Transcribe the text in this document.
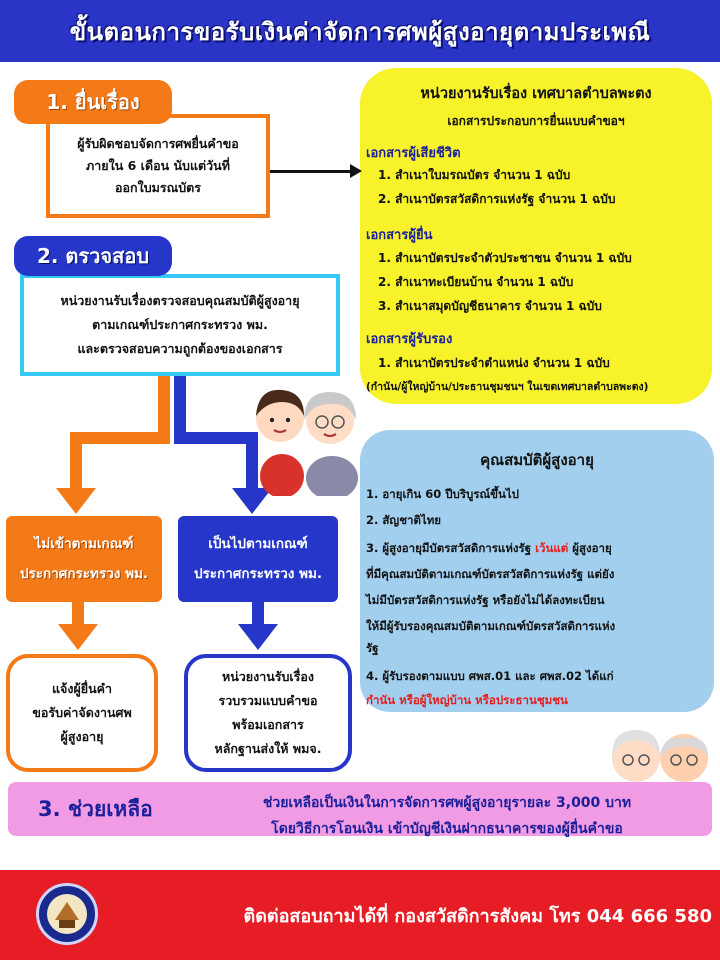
ขั้นตอนการขอรับเงินค่าจัดการศพผู้สูงอายุตามประเพณี
หน่วยงานรับเรื่อง เทศบาลตำบลพะตง
เอกสารประกอบการยื่นแบบคำขอฯ
เอกสารผู้เสียชีวิต
1. สำเนาใบมรณบัตร จำนวน 1 ฉบับ
2. สำเนาบัตรสวัสดิการแห่งรัฐ จำนวน 1 ฉบับ
เอกสารผู้ยื่น
1. สำเนาบัตรประจำตัวประชาชน จำนวน 1 ฉบับ
2. สำเนาทะเบียนบ้าน จำนวน 1 ฉบับ
3. สำเนาสมุดบัญชีธนาคาร จำนวน 1 ฉบับ
เอกสารผู้รับรอง
1. สำเนาบัตรประจำตำแหน่ง จำนวน 1 ฉบับ
(กำนัน/ผู้ใหญ่บ้าน/ประธานชุมชนฯ ในเขตเทศบาลตำบลพะตง)
ผู้รับผิดชอบจัดการศพยื่นคำขอ
ภายใน 6 เดือน นับแต่วันที่
ออกใบมรณบัตร
1. ยื่นเรื่อง
หน่วยงานรับเรื่องตรวจสอบคุณสมบัติผู้สูงอายุ
ตามเกณฑ์ประกาศกระทรวง พม.
และตรวจสอบความถูกต้องของเอกสาร
2. ตรวจสอบ
ไม่เข้าตามเกณฑ์
ประกาศกระทรวง พม.
เป็นไปตามเกณฑ์
ประกาศกระทรวง พม.
แจ้งผู้ยื่นคำ
ขอรับค่าจัดงานศพ
ผู้สูงอายุ
หน่วยงานรับเรื่อง
รวบรวมแบบคำขอ
พร้อมเอกสาร
หลักฐานส่งให้ พมจ.
คุณสมบัติผู้สูงอายุ
1. อายุเกิน 60 ปีบริบูรณ์ขึ้นไป
2. สัญชาติไทย
3. ผู้สูงอายุมีบัตรสวัสดิการแห่งรัฐ เว้นแต่ ผู้สูงอายุ
ที่มีคุณสมบัติตามเกณฑ์บัตรสวัสดิการแห่งรัฐ แต่ยัง
ไม่มีบัตรสวัสดิการแห่งรัฐ หรือยังไม่ได้ลงทะเบียน
ให้มีผู้รับรองคุณสมบัติตามเกณฑ์บัตรสวัสดิการแห่ง
รัฐ
4. ผู้รับรองตามแบบ ศพส.01 และ ศพส.02 ได้แก่
กำนัน หรือผู้ใหญ่บ้าน หรือประธานชุมชน
3. ช่วยเหลือ	ช่วยเหลือเป็นเงินในการจัดการศพผู้สูงอายุรายละ 3,000 บาท
โดยวิธีการโอนเงิน เข้าบัญชีเงินฝากธนาคารของผู้ยื่นคำขอ
ติดต่อสอบถามได้ที่ กองสวัสดิการสังคม โทร 044 666 580
